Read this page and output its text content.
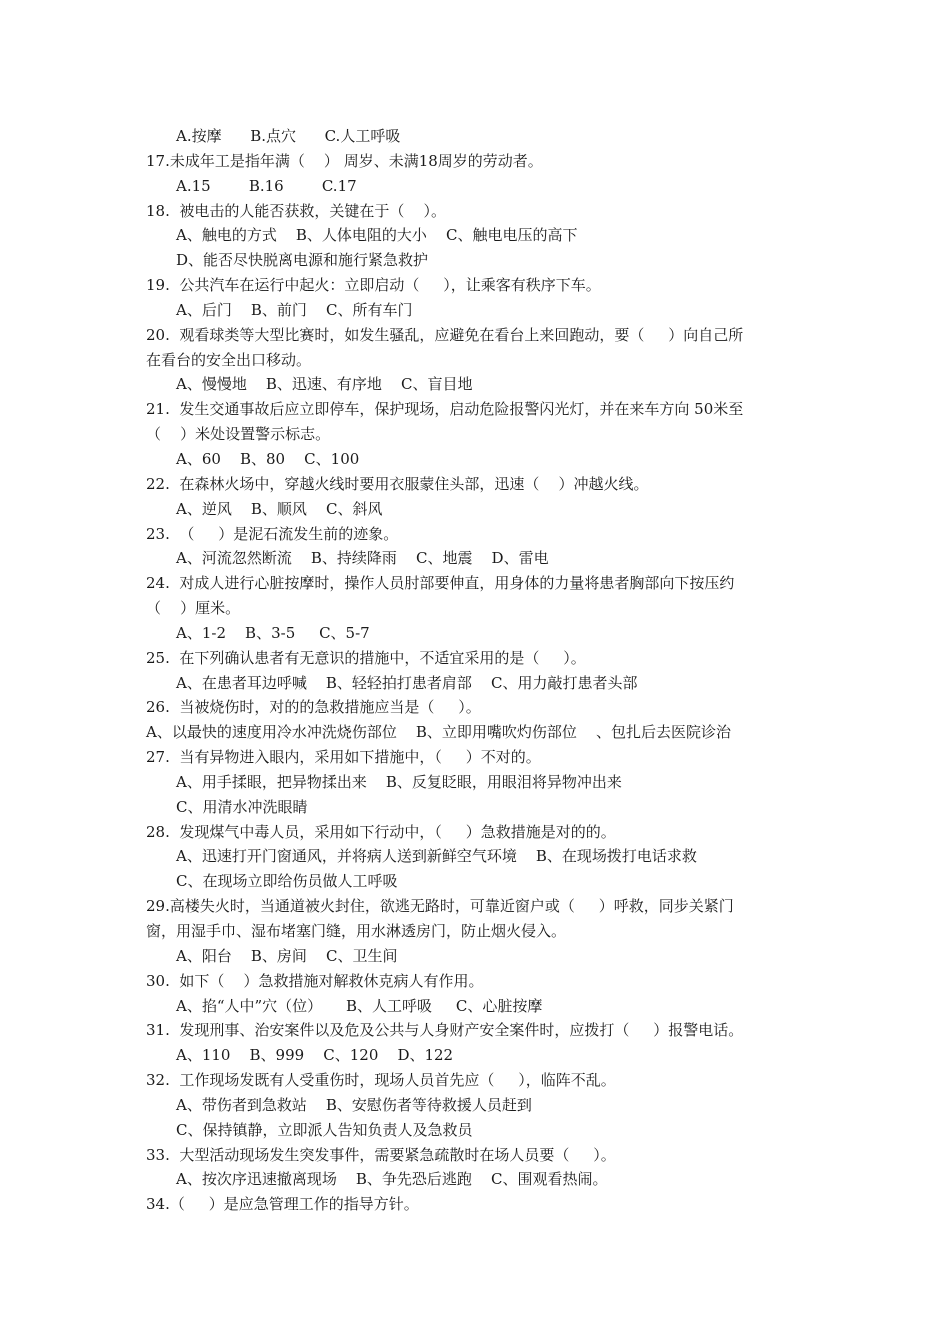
A.按摩      B.点穴      C.人工呼吸
17.未成年工是指年满（    ） 周岁、未满18周岁的劳动者。
A.15        B.16        C.17
18.  被电击的人能否获救，关键在于（    ）。
A、触电的方式    B、人体电阻的大小    C、触电电压的高下
D、能否尽快脱离电源和施行紧急救护
19.  公共汽车在运行中起火：立即启动（     ），让乘客有秩序下车。
A、后门    B、前门    C、所有车门
20.  观看球类等大型比赛时，如发生骚乱，应避免在看台上来回跑动，要（     ）向自己所
在看台的安全出口移动。
A、慢慢地    B、迅速、有序地    C、盲目地
21.  发生交通事故后应立即停车，保护现场，启动危险报警闪光灯，并在来车方向 50米至
（    ）米处设置警示标志。
A、60    B、80    C、100
22.  在森林火场中，穿越火线时要用衣服蒙住头部，迅速（    ）冲越火线。
A、逆风    B、顺风    C、斜风
23.  （     ）是泥石流发生前的迹象。
A、河流忽然断流    B、持续降雨    C、地震    D、雷电
24.  对成人进行心脏按摩时，操作人员肘部要伸直，用身体的力量将患者胸部向下按压约
（    ）厘米。
A、1-2    B、3-5     C、5-7
25.  在下列确认患者有无意识的措施中，不适宜采用的是（     ）。
A、在患者耳边呼喊    B、轻轻拍打患者肩部    C、用力敲打患者头部
26.  当被烧伤时，对的的急救措施应当是（     ）。
A、以最快的速度用冷水冲洗烧伤部位    B、立即用嘴吹灼伤部位    、包扎后去医院诊治
27.  当有异物进入眼内，采用如下措施中，（     ）不对的。
A、用手揉眼，把异物揉出来    B、反复眨眼，用眼泪将异物冲出来
C、用清水冲洗眼睛
28.  发现煤气中毒人员，采用如下行动中，（     ）急救措施是对的的。
A、迅速打开门窗通风，并将病人送到新鲜空气环境    B、在现场拨打电话求救
C、在现场立即给伤员做人工呼吸
29.高楼失火时，当通道被火封住，欲逃无路时，可靠近窗户或（     ）呼救，同步关紧门
窗，用湿手巾、湿布堵塞门缝，用水淋透房门，防止烟火侵入。
A、阳台    B、房间    C、卫生间
30.  如下（    ）急救措施对解救休克病人有作用。
A、掐“人中”穴（位）     B、人工呼吸     C、心脏按摩
31.  发现刑事、治安案件以及危及公共与人身财产安全案件时，应拨打（     ）报警电话。
A、110    B、999    C、120    D、122
32.  工作现场发既有人受重伤时，现场人员首先应（     ），临阵不乱。
A、带伤者到急救站    B、安慰伤者等待救援人员赶到
C、保持镇静，立即派人告知负责人及急救员
33.  大型活动现场发生突发事件，需要紧急疏散时在场人员要（     ）。
A、按次序迅速撤离现场    B、争先恐后逃跑    C、围观看热闹。
34.（     ）是应急管理工作的指导方针。
